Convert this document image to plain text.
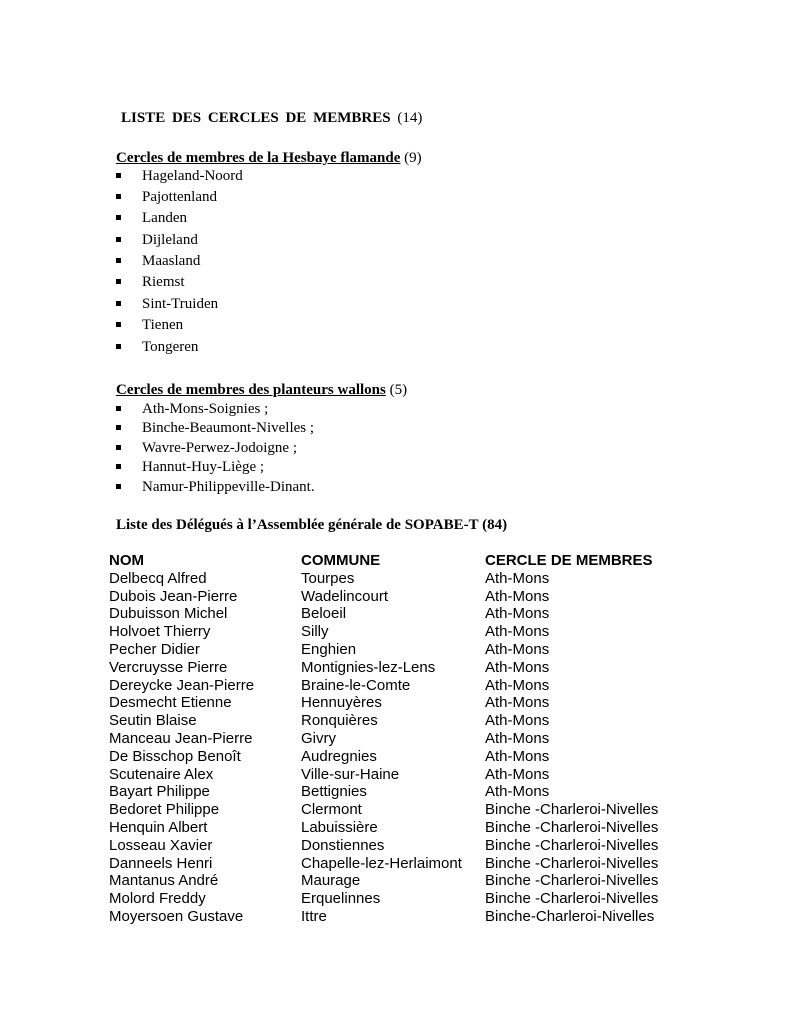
LISTE DES CERCLES DE MEMBRES (14)
Cercles de membres de la Hesbaye flamande (9)
Hageland-Noord
Pajottenland
Landen
Dijleland
Maasland
Riemst
Sint-Truiden
Tienen
Tongeren
Cercles de membres des planteurs wallons (5)
Ath-Mons-Soignies ;
Binche-Beaumont-Nivelles ;
Wavre-Perwez-Jodoigne ;
Hannut-Huy-Liège ;
Namur-Philippeville-Dinant.
Liste des Délégués à l’Assemblée générale de SOPABE-T (84)
NOM	COMMUNE	CERCLE DE MEMBRES
Delbecq Alfred	Tourpes	Ath-Mons
Dubois Jean-Pierre	Wadelincourt	Ath-Mons
Dubuisson Michel	Beloeil	Ath-Mons
Holvoet Thierry	Silly	Ath-Mons
Pecher Didier	Enghien	Ath-Mons
Vercruysse Pierre	Montignies-lez-Lens	Ath-Mons
Dereycke Jean-Pierre	Braine-le-Comte	Ath-Mons
Desmecht Etienne	Hennuyères	Ath-Mons
Seutin Blaise	Ronquières	Ath-Mons
Manceau Jean-Pierre	Givry	Ath-Mons
De Bisschop Benoît	Audregnies	Ath-Mons
Scutenaire Alex	Ville-sur-Haine	Ath-Mons
Bayart Philippe	Bettignies	Ath-Mons
Bedoret Philippe	Clermont	Binche -Charleroi-Nivelles
Henquin Albert	Labuissière	Binche -Charleroi-Nivelles
Losseau Xavier	Donstiennes	Binche -Charleroi-Nivelles
Danneels Henri	Chapelle-lez-Herlaimont	Binche -Charleroi-Nivelles
Mantanus André	Maurage	Binche -Charleroi-Nivelles
Molord Freddy	Erquelinnes	Binche -Charleroi-Nivelles
Moyersoen Gustave	Ittre	Binche-Charleroi-Nivelles
